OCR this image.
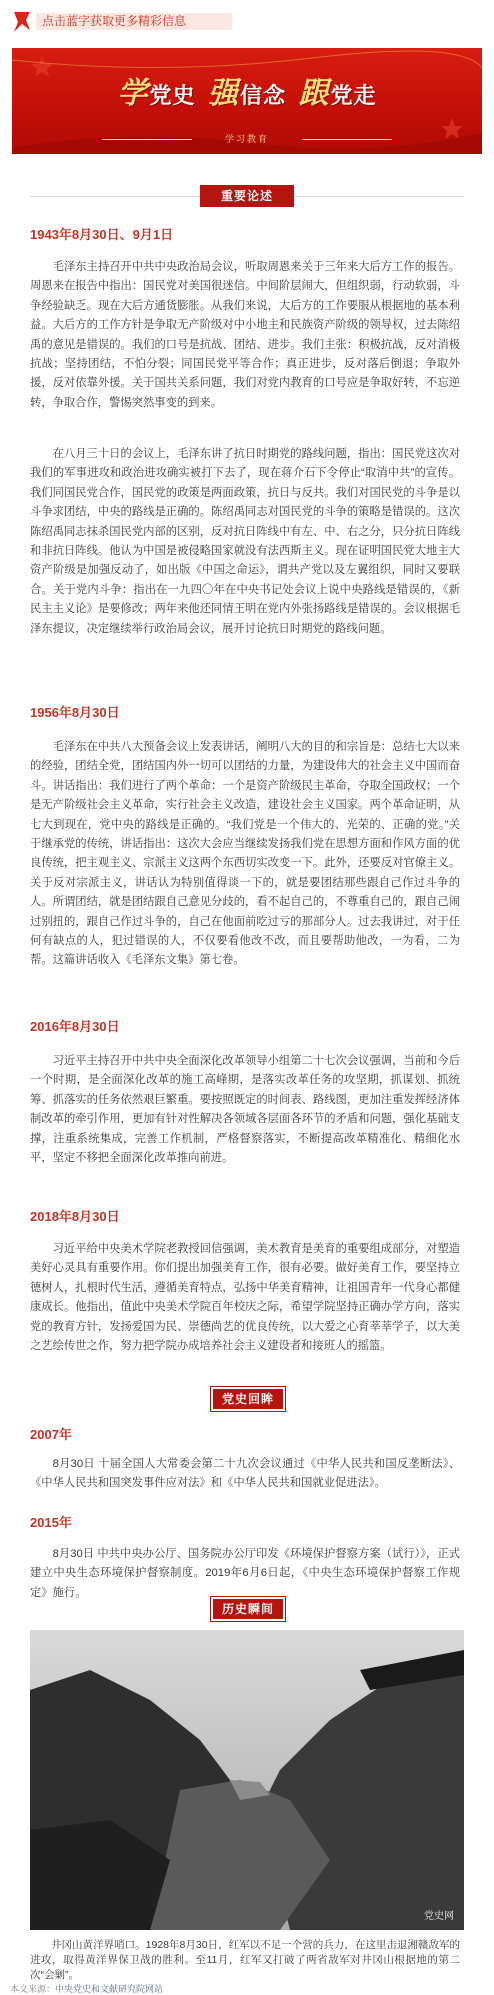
点击蓝字获取更多精彩信息
学党史 强信念 跟党走
学习教育
重要论述
1943年8月30日、9月1日

毛泽东主持召开中共中央政治局会议，听取周恩来关于三年来大后方工作的报告。周恩来在报告中指出：国民党对美国很迷信。中间阶层闹大，但组织弱，行动软弱，斗争经验缺乏。现在大后方通货膨胀。从我们来说，大后方的工作要服从根据地的基本利益。大后方的工作方针是争取无产阶级对中小地主和民族资产阶级的领导权，过去陈绍禹的意见是错误的。我们的口号是抗战、团结、进步。我们主张：积极抗战，反对消极抗战；坚持团结，不怕分裂；同国民党平等合作；真正进步，反对落后倒退；争取外援，反对依靠外援。关于国共关系问题，我们对党内教育的口号应是争取好转，不忘逆转，争取合作，警惕突然事变的到来。

在八月三十日的会议上，毛泽东讲了抗日时期党的路线问题，指出：国民党这次对我们的军事进攻和政治进攻确实被打下去了，现在蒋介石下令停止“取消中共”的宣传。我们同国民党合作，国民党的政策是两面政策，抗日与反共。我们对国民党的斗争是以斗争求团结，中央的路线是正确的。陈绍禹同志对国民党的斗争的策略是错误的。这次陈绍禹同志抹杀国民党内部的区别，反对抗日阵线中有左、中、右之分，只分抗日阵线和非抗日阵线。他认为中国是被侵略国家就没有法西斯主义。现在证明国民党大地主大资产阶级是加强反动了，如出版《中国之命运》，谓共产党以及左翼组织，同时又要联合。关于党内斗争：指出在一九四〇年在中央书记处会议上说中央路线是错误的，《新民主主义论》是要修改；两年来他还同情王明在党内外张扬路线是错误的。会议根据毛泽东提议，决定继续举行政治局会议，展开讨论抗日时期党的路线问题。

1956年8月30日

毛泽东在中共八大预备会议上发表讲话，阐明八大的目的和宗旨是：总结七大以来的经验，团结全党，团结国内外一切可以团结的力量，为建设伟大的社会主义中国而奋斗。讲话指出：我们进行了两个革命：一个是资产阶级民主革命，夺取全国政权；一个是无产阶级社会主义革命，实行社会主义改造，建设社会主义国家。两个革命证明，从七大到现在，党中央的路线是正确的。“我们党是一个伟大的、光荣的、正确的党。”关于继承党的传统，讲话指出：这次大会应当继续发扬我们党在思想方面和作风方面的优良传统，把主观主义、宗派主义这两个东西切实改变一下。此外，还要反对官僚主义。关于反对宗派主义，讲话认为特别值得谈一下的，就是要团结那些跟自己作过斗争的人。所谓团结，就是团结跟自己意见分歧的，看不起自己的，不尊重自己的，跟自己闹过别扭的，跟自己作过斗争的，自己在他面前吃过亏的那部分人。过去我讲过，对于任何有缺点的人，犯过错误的人，不仅要看他改不改，而且要帮助他改，一为看，二为帮。这篇讲话收入《毛泽东文集》第七卷。

2016年8月30日

习近平主持召开中共中央全面深化改革领导小组第二十七次会议强调，当前和今后一个时期，是全面深化改革的施工高峰期，是落实改革任务的攻坚期，抓谋划、抓统筹、抓落实的任务依然艰巨繁重。要按照既定的时间表、路线图，更加注重发挥经济体制改革的牵引作用，更加有针对性解决各领域各层面各环节的矛盾和问题，强化基础支撑，注重系统集成，完善工作机制，严格督察落实，不断提高改革精准化、精细化水平，坚定不移把全面深化改革推向前进。

2018年8月30日

习近平给中央美术学院老教授回信强调，美术教育是美育的重要组成部分，对塑造美好心灵具有重要作用。你们提出加强美育工作，很有必要。做好美育工作，要坚持立德树人，扎根时代生活，遵循美育特点，弘扬中华美育精神，让祖国青年一代身心都健康成长。他指出，值此中央美术学院百年校庆之际，希望学院坚持正确办学方向，落实党的教育方针，发扬爱国为民、崇德尚艺的优良传统，以大爱之心育莘莘学子，以大美之艺绘传世之作，努力把学院办成培养社会主义建设者和接班人的摇篮。

党史回眸
2007年

8月30日 十届全国人大常委会第二十九次会议通过《中华人民共和国反垄断法》、《中华人民共和国突发事件应对法》和《中华人民共和国就业促进法》。

2015年

8月30日 中共中央办公厅、国务院办公厅印发《环境保护督察方案（试行）》，正式建立中央生态环境保护督察制度。2019年6月6日起，《中央生态环境保护督察工作规定》施行。

历史瞬间
党史网

井冈山黄洋界哨口。1928年8月30日，红军以不足一个营的兵力，在这里击退湘赣敌军的进攻，取得黄洋界保卫战的胜利。至11月，红军又打破了两省敌军对井冈山根据地的第二次“会剿”。

本文来源：中央党史和文献研究院网站
